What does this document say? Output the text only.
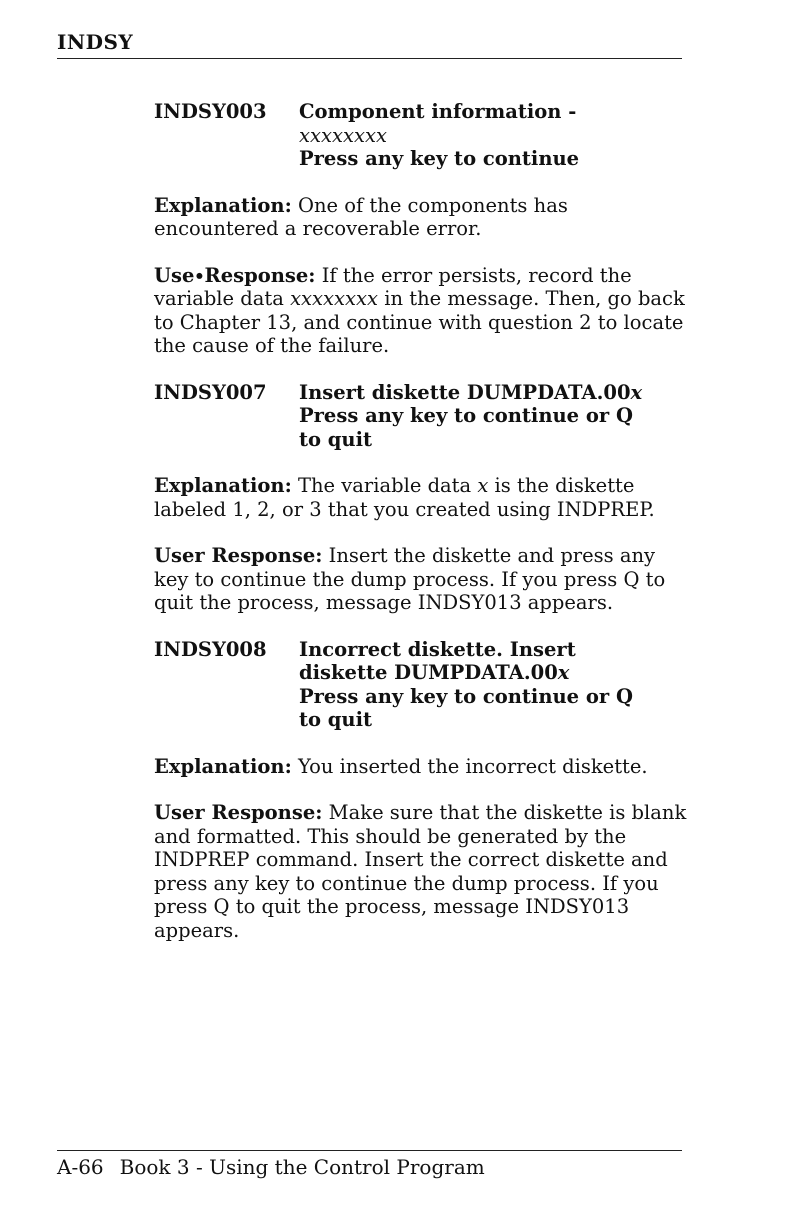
INDSY
INDSY003	Component information -
xxxxxxxx
Press any key to continue

Explanation: One of the components has encountered a recoverable error.

Use∙Response: If the error persists, record the variable data xxxxxxxx in the message. Then, go back to Chapter 13, and continue with question 2 to locate the cause of the failure.

INDSY007	Insert diskette DUMPDATA.00x
Press any key to continue or Q
to quit

Explanation: The variable data x is the diskette labeled 1, 2, or 3 that you created using INDPREP.

User Response: Insert the diskette and press any key to continue the dump process. If you press Q to quit the process, message INDSY013 appears.

INDSY008	Incorrect diskette. Insert
diskette DUMPDATA.00x
Press any key to continue or Q
to quit

Explanation: You inserted the incorrect diskette.

User Response: Make sure that the diskette is blank and formatted. This should be generated by the INDPREP command. Insert the correct diskette and press any key to continue the dump process. If you press Q to quit the process, message INDSY013 appears.

A-66 Book 3 - Using the Control Program
